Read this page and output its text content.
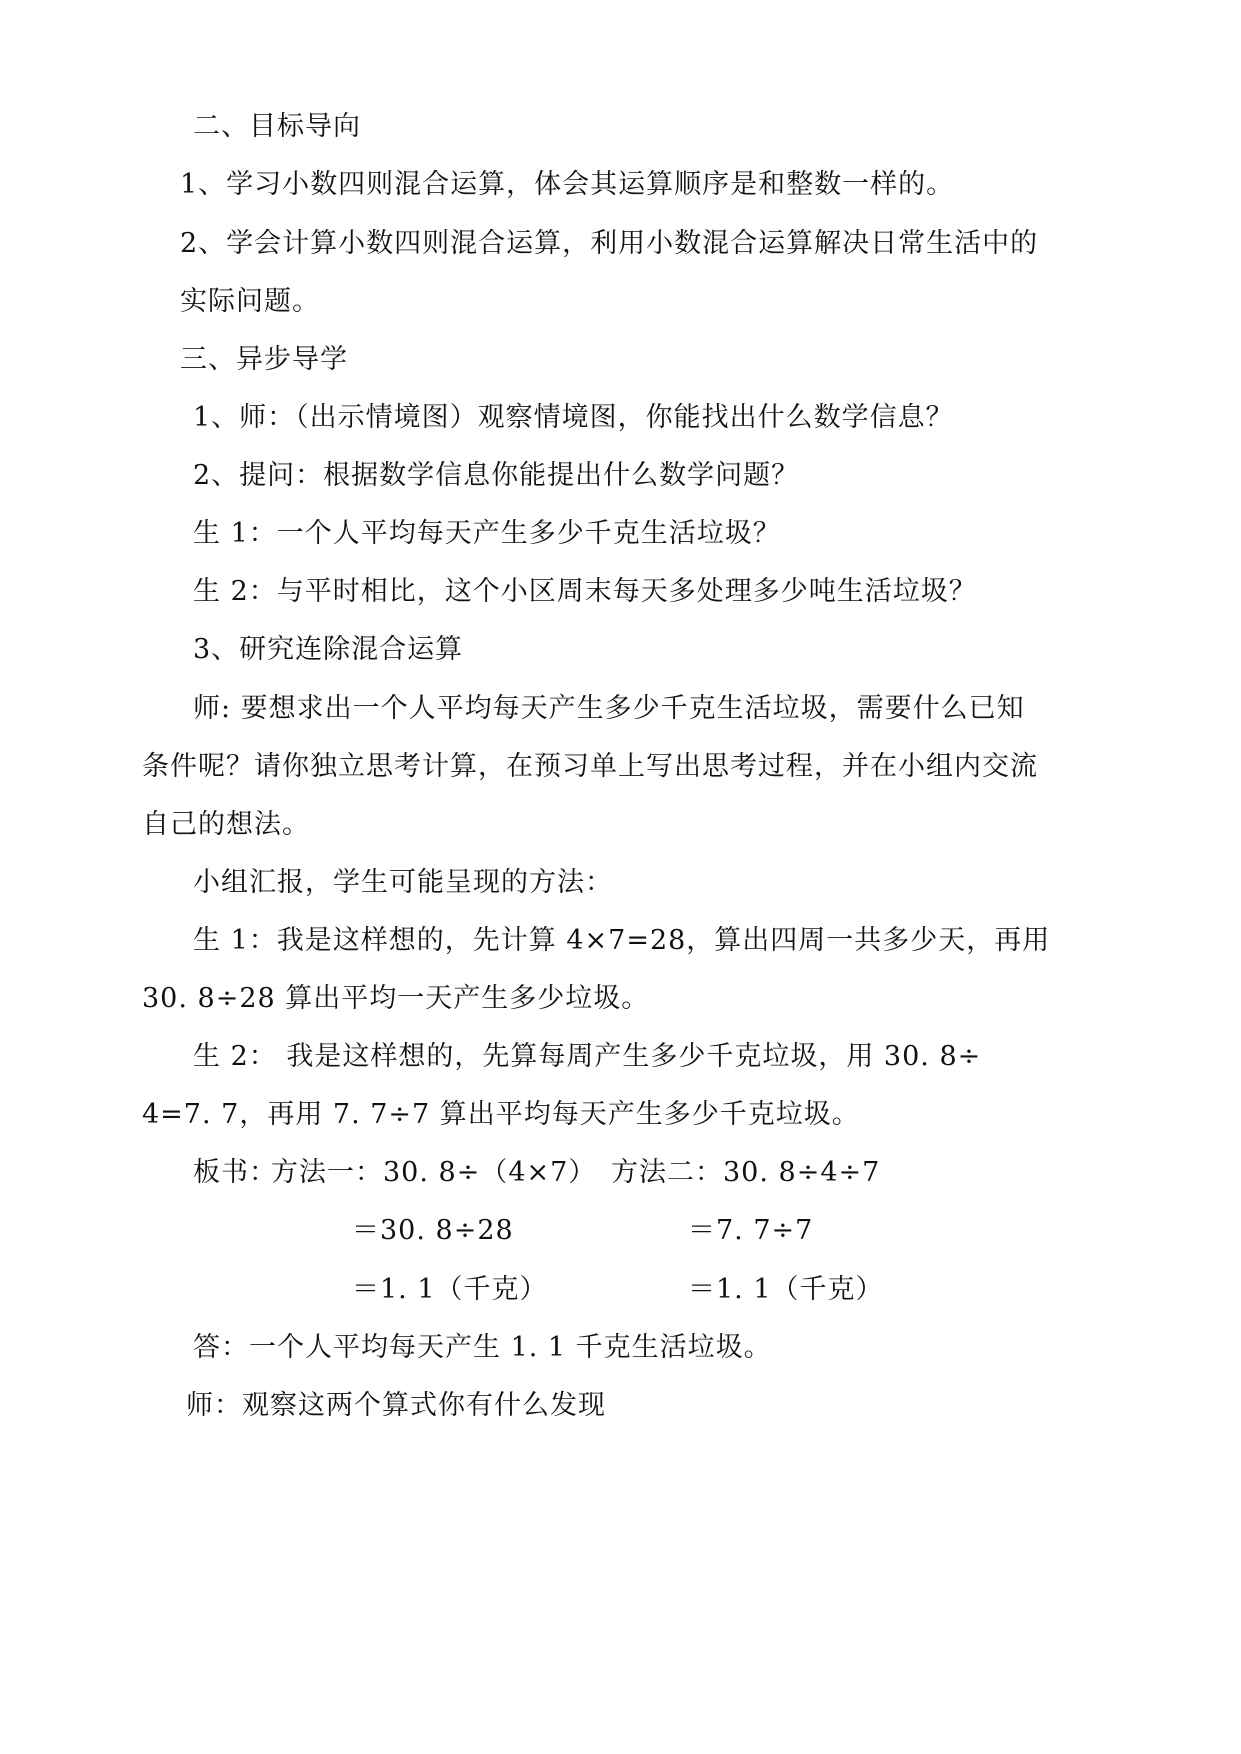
二、目标导向
1、学习小数四则混合运算，体会其运算顺序是和整数一样的。
2、学会计算小数四则混合运算，利用小数混合运算解决日常生活中的
实际问题。
三、异步导学
1、师：（出示情境图）观察情境图，你能找出什么数学信息？
2、提问：根据数学信息你能提出什么数学问题？
生 1：一个人平均每天产生多少千克生活垃圾？
生 2：与平时相比，这个小区周末每天多处理多少吨生活垃圾？
3、研究连除混合运算
师: 要想求出一个人平均每天产生多少千克生活垃圾，需要什么已知
条件呢？请你独立思考计算，在预习单上写出思考过程，并在小组内交流
自己的想法。
小组汇报，学生可能呈现的方法：
生 1：我是这样想的，先计算 4×7=28，算出四周一共多少天，再用
30. 8÷28 算出平均一天产生多少垃圾。
生 2： 我是这样想的，先算每周产生多少千克垃圾，用 30. 8÷
4=7. 7，再用 7. 7÷7 算出平均每天产生多少千克垃圾。
板书：
方法一：30. 8÷（4×7） 方法二：30. 8÷4÷7
＝30. 8÷28	＝7. 7÷7
＝1. 1（千克）	＝1. 1（千克）
答：一个人平均每天产生 1. 1 千克生活垃圾。
师：观察这两个算式你有什么发现
